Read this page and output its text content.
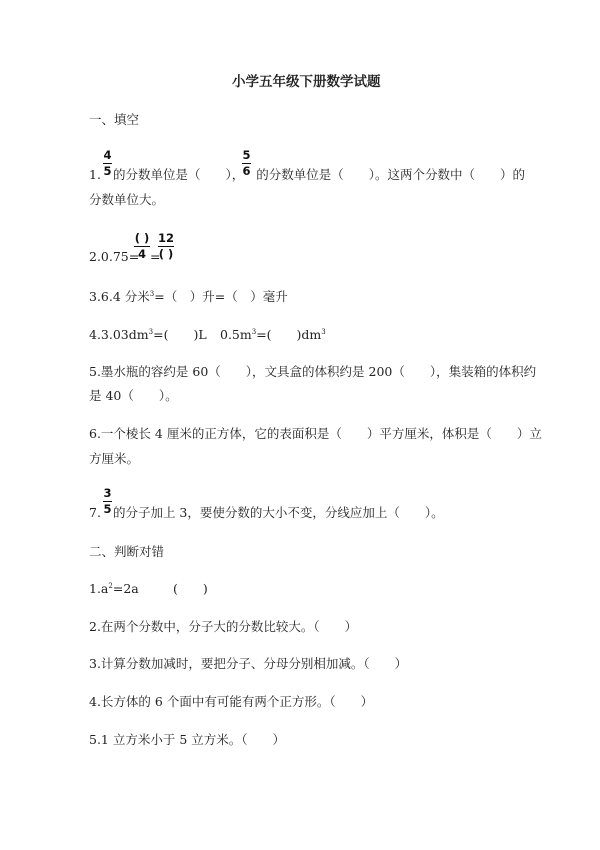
小学五年级下册数学试题
一、填空
4
5
1. 的分数单位是（　　）， 的分数单位是（　　）。这两个分数中（　　）的
5
6
分数单位大。
2.0.75=
( )
4 =
12
( )
3.6.4 分米$^3$=（　）升=（　）毫升
$4.3.03dm^3=$(　　)L $0.5m^3=$(　　)$dm^3$
5.墨水瓶的容约是 60（　　），文具盒的体积约是 200（　　），集装箱的体积约
是 40（　　）。
6.一个棱长 4 厘米的正方体，它的表面积是（　　）平方厘米，体积是（　　）立
方厘米。
3
5
7. 的分子加上 3，要使分数的大小不变，分线应加上（　　）。
二、判断对错
$1.a^2=2a$	(　　)
2.在两个分数中，分子大的分数比较大。（　　）
3.计算分数加减时，要把分子、分母分别相加减。（　　）
4.长方体的 6 个面中有可能有两个正方形。（　　）
5.1 立方米小于 5 立方米。（　　）
